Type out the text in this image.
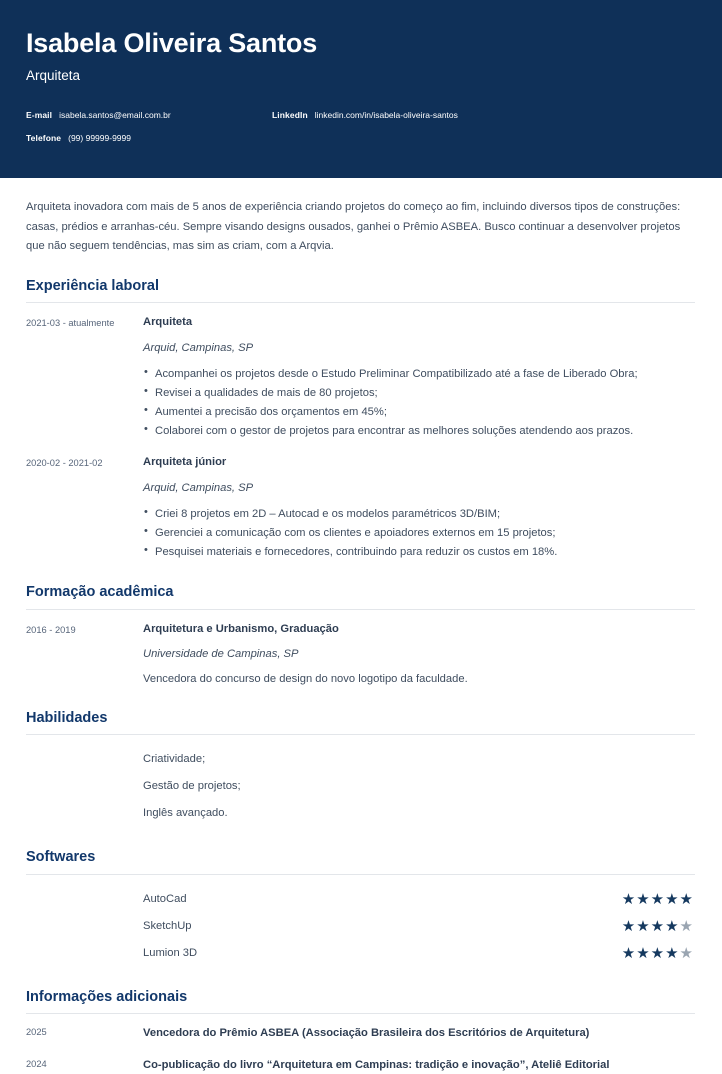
Isabela Oliveira Santos
Arquiteta
E-mail isabela.santos@email.com.br	LinkedIn linkedin.com/in/isabela-oliveira-santos
Telefone (99) 99999-9999

Arquiteta inovadora com mais de 5 anos de experiência criando projetos do começo ao fim, incluindo diversos tipos de construções: casas, prédios e arranhas-céu. Sempre visando designs ousados, ganhei o Prêmio ASBEA. Busco continuar a desenvolver projetos que não seguem tendências, mas sim as criam, com a Arqvia.

Experiência laboral
2021-03 - atualmente	Arquiteta
Arquid, Campinas, SP
• Acompanhei os projetos desde o Estudo Preliminar Compatibilizado até a fase de Liberado Obra;
• Revisei a qualidades de mais de 80 projetos;
• Aumentei a precisão dos orçamentos em 45%;
• Colaborei com o gestor de projetos para encontrar as melhores soluções atendendo aos prazos.
2020-02 - 2021-02	Arquiteta júnior
Arquid, Campinas, SP
• Criei 8 projetos em 2D – Autocad e os modelos paramétricos 3D/BIM;
• Gerenciei a comunicação com os clientes e apoiadores externos em 15 projetos;
• Pesquisei materiais e fornecedores, contribuindo para reduzir os custos em 18%.
Formação acadêmica
2016 - 2019	Arquitetura e Urbanismo, Graduação
Universidade de Campinas, SP
Vencedora do concurso de design do novo logotipo da faculdade.
Habilidades
Criatividade;
Gestão de projetos;
Inglês avançado.
Softwares
AutoCad	★ ★ ★ ★ ★
SketchUp	★ ★ ★ ★ ★
Lumion 3D	★ ★ ★ ★ ★
Informações adicionais
2025	Vencedora do Prêmio ASBEA (Associação Brasileira dos Escritórios de Arquitetura)
2024	Co-publicação do livro “Arquitetura em Campinas: tradição e inovação”, Ateliê Editorial
